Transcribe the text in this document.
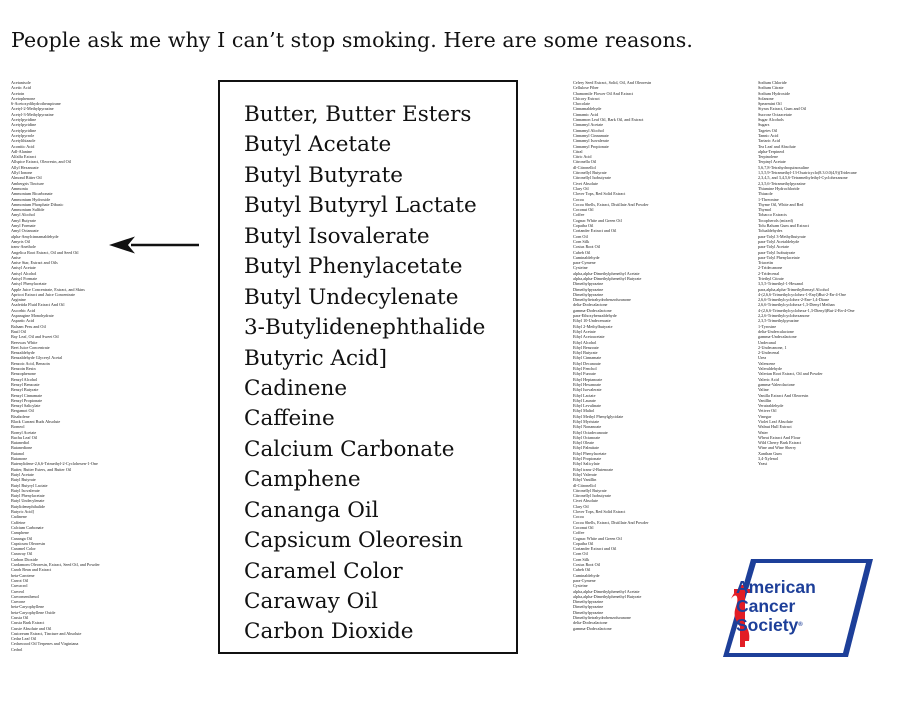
People ask me why I can’t stop smoking. Here are some reasons.
Acetanisole
Acetic Acid
Acetoin
Acetophenone
6-Acetoxydihydrotheaspirane
Acetyl-2-Methylpyrazine
Acetyl-3-Methylpyrazine
Acetylpyridine
Acetylpyridine
Acetylpyridine
Acetylpyrrole
Acetylthiazole
Aconitic Acid
Adl-Alanine
Alfalfa Extract
Allspice Extract, Oleoresin, and Oil
Allyl Hexanoate
Allyl Ionone
Almond Bitter Oil
Ambergris Tincture
Ammonia
Ammonium Bicarbonate
Ammonium Hydroxide
Ammonium Phosphate Dibasic
Ammonium Sulfide
Amyl Alcohol
Amyl Butyrate
Amyl Formate
Amyl Octanoate
alpha-Amylcinnamaldehyde
Amyris Oil
trans-Anethole
Angelica Root Extract, Oil and Seed Oil
Anise
Anise Star, Extract and Oils
Anisyl Acetate
Anisyl Alcohol
Anisyl Formate
Anisyl Phenylacetate
Apple Juice Concentrate, Extract, and Skins
Apricot Extract and Juice Concentrate
Arginine
Asafetida Fluid Extract And Oil
Ascorbic Acid
Asparagine Monohydrate
Aspartic Acid
Balsam Peru and Oil
Basil Oil
Bay Leaf, Oil and Sweet Oil
Beeswax White
Beet Juice Concentrate
Benzaldehyde
Benzaldehyde Glyceryl Acetal
Benzoic Acid, Benzoin
Benzoin Resin
Benzophenone
Benzyl Alcohol
Benzyl Benzoate
Benzyl Butyrate
Benzyl Cinnamate
Benzyl Propionate
Benzyl Salicylate
Bergamot Oil
Bisabolene
Black Currant Buds Absolute
Borneol
Bornyl Acetate
Buchu Leaf Oil
Butanediol
Butanedione
Butanol
Butanone
Butenylidene-2,6,6-Trimethyl-2-Cyclohexen-1-One
Butter, Butter Esters, and Butter Oil
Butyl Acetate
Butyl Butyrate
Butyl Butyryl Lactate
Butyl Isovalerate
Butyl Phenylacetate
Butyl Undecylenate
Butylidenephthalide
Butyric Acid]
Cadinene
Caffeine
Calcium Carbonate
Camphene
Cananga Oil
Capsicum Oleoresin
Caramel Color
Caraway Oil
Carbon Dioxide
Cardamom Oleoresin, Extract, Seed Oil, and Powder
Carob Bean and Extract
beta-Carotene
Carrot Oil
Carvacrol
Carveol
Carvomenthenol
Carvone
beta-Caryophyllene
beta-Caryophyllene Oxide
Cassia Oil
Cassia Bark Extract
Cassie Absolute and Oil
Castoreum Extract, Tincture and Absolute
Cedar Leaf Oil
Cedarwood Oil Terpenes and Virginiana
Cedrol
Butter, Butter Esters
Butyl Acetate
Butyl Butyrate
Butyl Butyryl Lactate
Butyl Isovalerate
Butyl Phenylacetate
Butyl Undecylenate
3-Butylidenephthalide
Butyric Acid]
Cadinene
Caffeine
Calcium Carbonate
Camphene
Cananga Oil
Capsicum Oleoresin
Caramel Color
Caraway Oil
Carbon Dioxide
Celery Seed Extract, Solid, Oil, And Oleoresin
Cellulose Fiber
Chamomile Flower Oil And Extract
Chicory Extract
Chocolate
Cinnamaldehyde
Cinnamic Acid
Cinnamon Leaf Oil, Bark Oil, and Extract
Cinnamyl Acetate
Cinnamyl Alcohol
Cinnamyl Cinnamate
Cinnamyl Isovalerate
Cinnamyl Propionate
Citral
Citric Acid
Citronella Oil
dl-Citronellol
Citronellyl Butyrate
Citronellyl Isobutyrate
Civet Absolute
Clary Oil
Clover Tops, Red Solid Extract
Cocoa
Cocoa Shells, Extract, Distillate And Powder
Coconut Oil
Coffee
Cognac White and Green Oil
Copaiba Oil
Coriander Extract and Oil
Corn Oil
Corn Silk
Costus Root Oil
Cubeb Oil
Cuminaldehyde
para-Cymene
Cysteine
alpha,alpha-Dimethylphenethyl Acetate
alpha,alpha-Dimethylphenethyl Butyrate
Dimethylpyrazine
Dimethylpyrazine
Dimethylpyrazine
Dimethyltetrahydrobenzofuranone
delta-Dodecalactone
gamma-Dodecalactone
para-Ethoxybenzaldehyde
Ethyl 10-Undecenoate
Ethyl 2-Methylbutyrate
Ethyl Acetate
Ethyl Acetoacetate
Ethyl Alcohol
Ethyl Benzoate
Ethyl Butyrate
Ethyl Cinnamate
Ethyl Decanoate
Ethyl Fenchol
Ethyl Furoate
Ethyl Heptanoate
Ethyl Hexanoate
Ethyl Isovalerate
Ethyl Lactate
Ethyl Laurate
Ethyl Levulinate
Ethyl Maltol
Ethyl Methyl Phenylglycidate
Ethyl Myristate
Ethyl Nonanoate
Ethyl Octadecanoate
Ethyl Octanoate
Ethyl Oleate
Ethyl Palmitate
Ethyl Phenylacetate
Ethyl Propionate
Ethyl Salicylate
Ethyl trans-2-Butenoate
Ethyl Valerate
Ethyl Vanillin
dl-Citronellol
Citronellyl Butyrate
Citronellyl Isobutyrate
Civet Absolute
Clary Oil
Clover Tops, Red Solid Extract
Cocoa
Cocoa Shells, Extract, Distillate And Powder
Coconut Oil
Coffee
Cognac White and Green Oil
Copaiba Oil
Coriander Extract and Oil
Corn Oil
Corn Silk
Costus Root Oil
Cubeb Oil
Cuminaldehyde
para-Cymene
Cysteine
alpha,alpha-Dimethylphenethyl Acetate
alpha,alpha-Dimethylphenethyl Butyrate
Dimethylpyrazine
Dimethylpyrazine
Dimethylpyrazine
Dimethyltetrahydrobenzofuranone
delta-Dodecalactone
gamma-Dodecalactone
Sodium Chloride
Sodium Citrate
Sodium Hydroxide
Solanone
Spearmint Oil
Styrax Extract, Gum and Oil
Sucrose Octaacetate
Sugar Alcohols
Sugars
Tagetes Oil
Tannic Acid
Tartaric Acid
Tea Leaf and Absolute
alpha-Terpineol
Terpinolene
Terpinyl Acetate
5,6,7,8-Tetrahydroquinoxaline
1,5,5,9-Tetramethyl-13-Oxatricyclo(8.3.0.0(4,9))Tridecane
2,3,4,5, and 3,4,5,6-Tetramethylethyl-Cyclohexanone
2,3,5,6-Tetramethylpyrazine
Thiamine Hydrochloride
Thiazole
1-Threonine
Thyme Oil, White and Red
Thymol
Tobacco Extracts
Tocopherols (mixed)
Tolu Balsam Gum and Extract
Tolualdehydes
para-Tolyl 3-Methylbutyrate
para-Tolyl Acetaldehyde
para-Tolyl Acetate
para-Tolyl Isobutyrate
para-Tolyl Phenylacetate
Triacetin
2-Tridecanone
2-Tridecenal
Triethyl Citrate
3,5,5-Trimethyl-1-Hexanol
para,alpha,alpha-Trimethylbenzyl Alcohol
4-(2,6,6-Trimethylcyclohex-1-Enyl)But-2-En-4-One
2,6,6-Trimethylcyclohex-2-Ene-1,4-Dione
2,6,6-Trimethylcyclohexa-1,3-Dienyl Methan
4-(2,6,6-Trimethylcyclohexa-1,3-Dienyl)But-2-En-4-One
2,2,6-Trimethylcyclohexanone
2,3,5-Trimethylpyrazine
1-Tyrosine
delta-Undercalactone
gamma-Undecalactone
Undecanal
2-Undecanone, 1
2-Undecenal
Urea
Valencene
Valeraldehyde
Valerian Root Extract, Oil and Powder
Valeric Acid
gamma-Valerolactone
Valine
Vanilla Extract And Oleoresin
Vanillin
Veratraldehyde
Vetiver Oil
Vinegar
Violet Leaf Absolute
Walnut Hull Extract
Water
Wheat Extract And Flour
Wild Cherry Bark Extract
Wine and Wine Sherry
Xanthan Gum
3,4-Xylenol
Yeast
American
Cancer
Society®
